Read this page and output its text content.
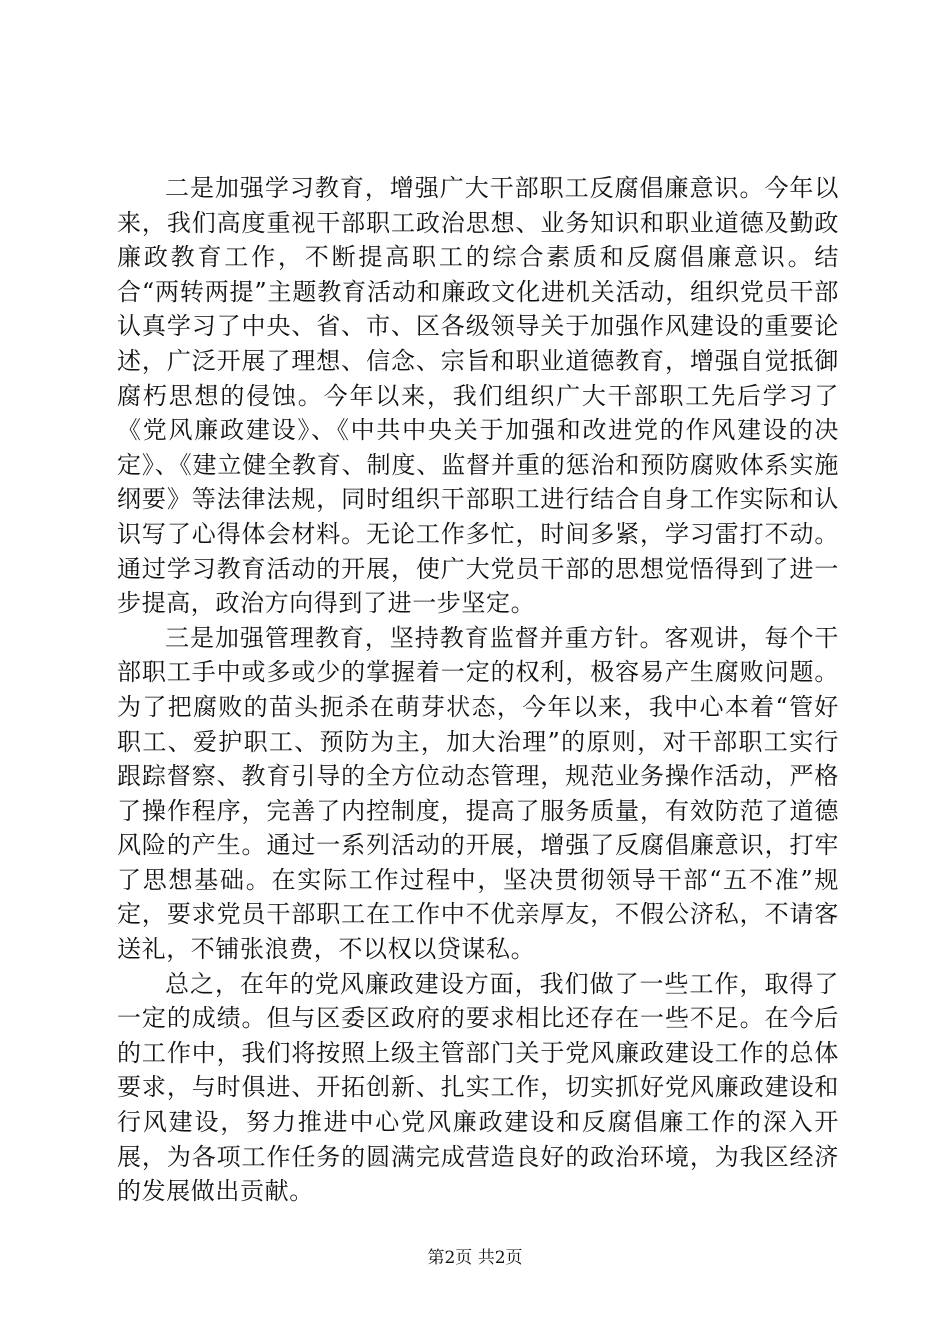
二是加强学习教育，增强广大干部职工反腐倡廉意识。今年以来，我们高度重视干部职工政治思想、业务知识和职业道德及勤政廉政教育工作，不断提高职工的综合素质和反腐倡廉意识。结合“两转两提”主题教育活动和廉政文化进机关活动，组织党员干部认真学习了中央、省、市、区各级领导关于加强作风建设的重要论述，广泛开展了理想、信念、宗旨和职业道德教育，增强自觉抵御腐朽思想的侵蚀。今年以来，我们组织广大干部职工先后学习了《党风廉政建设》、《中共中央关于加强和改进党的作风建设的决定》、《建立健全教育、制度、监督并重的惩治和预防腐败体系实施纲要》等法律法规，同时组织干部职工进行结合自身工作实际和认识写了心得体会材料。无论工作多忙，时间多紧，学习雷打不动。通过学习教育活动的开展，使广大党员干部的思想觉悟得到了进一步提高，政治方向得到了进一步坚定。

三是加强管理教育，坚持教育监督并重方针。客观讲，每个干部职工手中或多或少的掌握着一定的权利，极容易产生腐败问题。为了把腐败的苗头扼杀在萌芽状态，今年以来，我中心本着“管好职工、爱护职工、预防为主，加大治理”的原则，对干部职工实行跟踪督察、教育引导的全方位动态管理，规范业务操作活动，严格了操作程序，完善了内控制度，提高了服务质量，有效防范了道德风险的产生。通过一系列活动的开展，增强了反腐倡廉意识，打牢了思想基础。在实际工作过程中，坚决贯彻领导干部“五不准”规定，要求党员干部职工在工作中不优亲厚友，不假公济私，不请客送礼，不铺张浪费，不以权以贷谋私。

总之，在年的党风廉政建设方面，我们做了一些工作，取得了一定的成绩。但与区委区政府的要求相比还存在一些不足。在今后的工作中，我们将按照上级主管部门关于党风廉政建设工作的总体要求，与时俱进、开拓创新、扎实工作，切实抓好党风廉政建设和行风建设，努力推进中心党风廉政建设和反腐倡廉工作的深入开展，为各项工作任务的圆满完成营造良好的政治环境，为我区经济的发展做出贡献。

第2页 共2页
